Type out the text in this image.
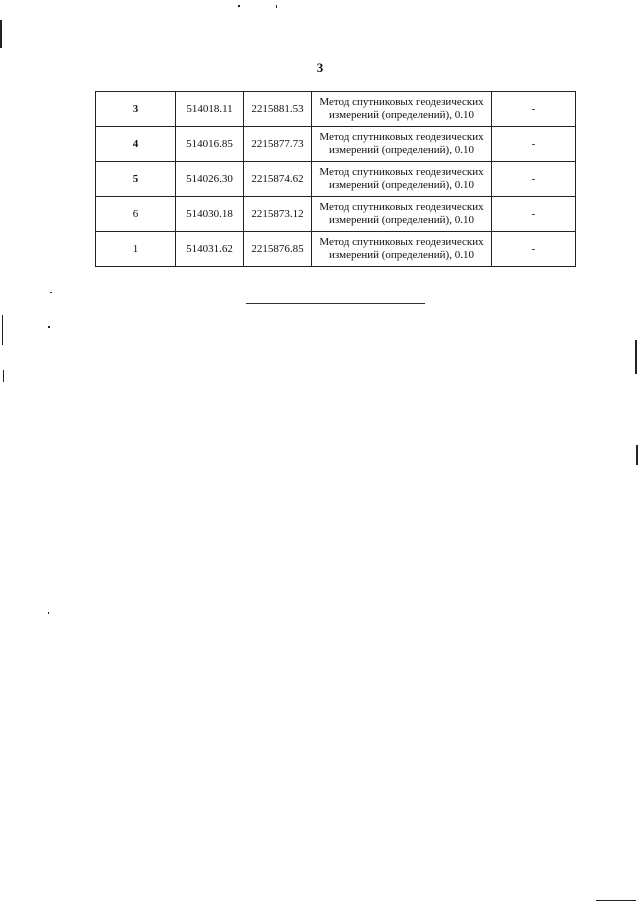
3
3	514018.11	2215881.53	Метод спутниковых геодезических
измерений (определений), 0.10	-
4	514016.85	2215877.73	Метод спутниковых геодезических
измерений (определений), 0.10	-
5	514026.30	2215874.62	Метод спутниковых геодезических
измерений (определений), 0.10	-
6	514030.18	2215873.12	Метод спутниковых геодезических
измерений (определений), 0.10	-
1	514031.62	2215876.85	Метод спутниковых геодезических
измерений (определений), 0.10	-
